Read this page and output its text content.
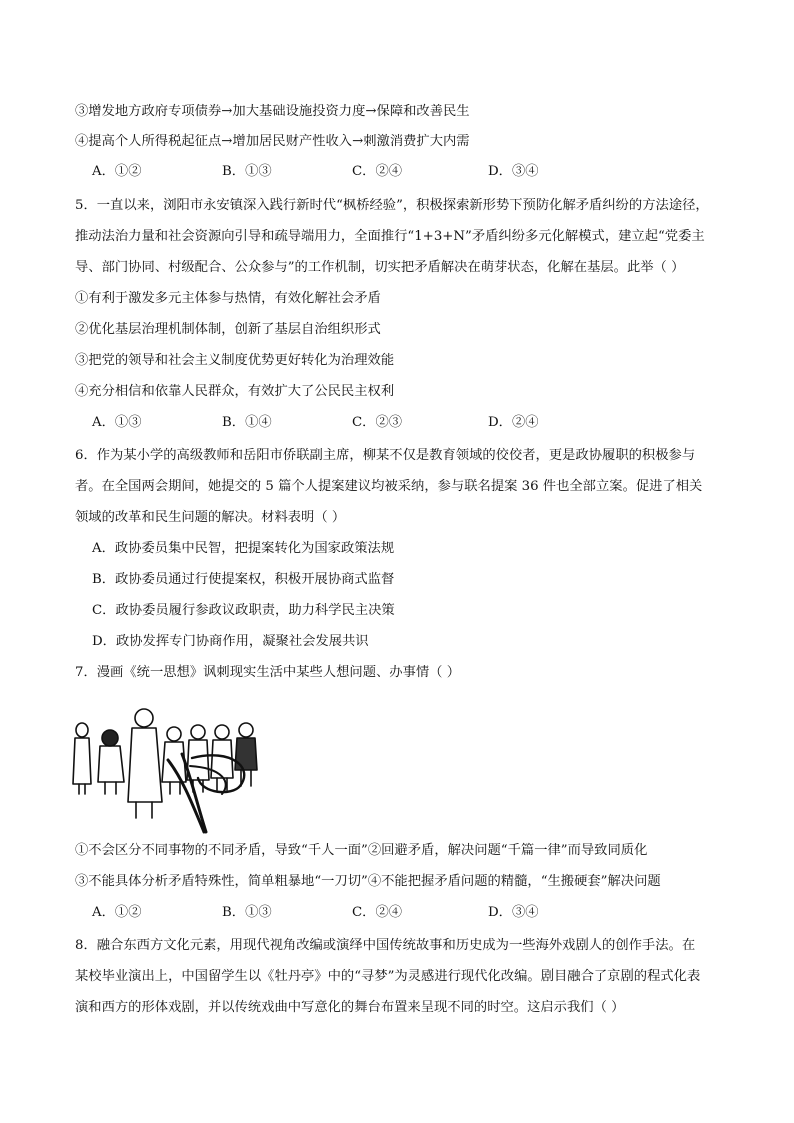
③增发地方政府专项债券→加大基础设施投资力度→保障和改善民生
④提高个人所得税起征点→增加居民财产性收入→刺激消费扩大内需
A．①②	B．①③	C．②④	D．③④
5．一直以来，浏阳市永安镇深入践行新时代“枫桥经验”，积极探索新形势下预防化解矛盾纠纷的方法途径，
推动法治力量和社会资源向引导和疏导端用力，全面推行“1+3+N”矛盾纠纷多元化解模式，建立起“党委主
导、部门协同、村级配合、公众参与”的工作机制，切实把矛盾解决在萌芽状态，化解在基层。此举（ ）
①有利于激发多元主体参与热情，有效化解社会矛盾
②优化基层治理机制体制，创新了基层自治组织形式
③把党的领导和社会主义制度优势更好转化为治理效能
④充分相信和依靠人民群众，有效扩大了公民民主权利
A．①③	B．①④	C．②③	D．②④
6．作为某小学的高级教师和岳阳市侨联副主席，柳某不仅是教育领域的佼佼者，更是政协履职的积极参与
者。在全国两会期间，她提交的 5 篇个人提案建议均被采纳，参与联名提案 36 件也全部立案。促进了相关
领域的改革和民生问题的解决。材料表明（ ）
A．政协委员集中民智，把提案转化为国家政策法规
B．政协委员通过行使提案权，积极开展协商式监督
C．政协委员履行参政议政职责，助力科学民主决策
D．政协发挥专门协商作用，凝聚社会发展共识
7．漫画《统一思想》讽刺现实生活中某些人想问题、办事情（ ）
①不会区分不同事物的不同矛盾，导致“千人一面”②回避矛盾，解决问题“千篇一律”而导致同质化
③不能具体分析矛盾特殊性，简单粗暴地“一刀切”④不能把握矛盾问题的精髓，“生搬硬套”解决问题
A．①②	B．①③	C．②④	D．③④
8．融合东西方文化元素，用现代视角改编或演绎中国传统故事和历史成为一些海外戏剧人的创作手法。在
某校毕业演出上，中国留学生以《牡丹亭》中的“寻梦”为灵感进行现代化改编。剧目融合了京剧的程式化表
演和西方的形体戏剧，并以传统戏曲中写意化的舞台布置来呈现不同的时空。这启示我们（ ）
